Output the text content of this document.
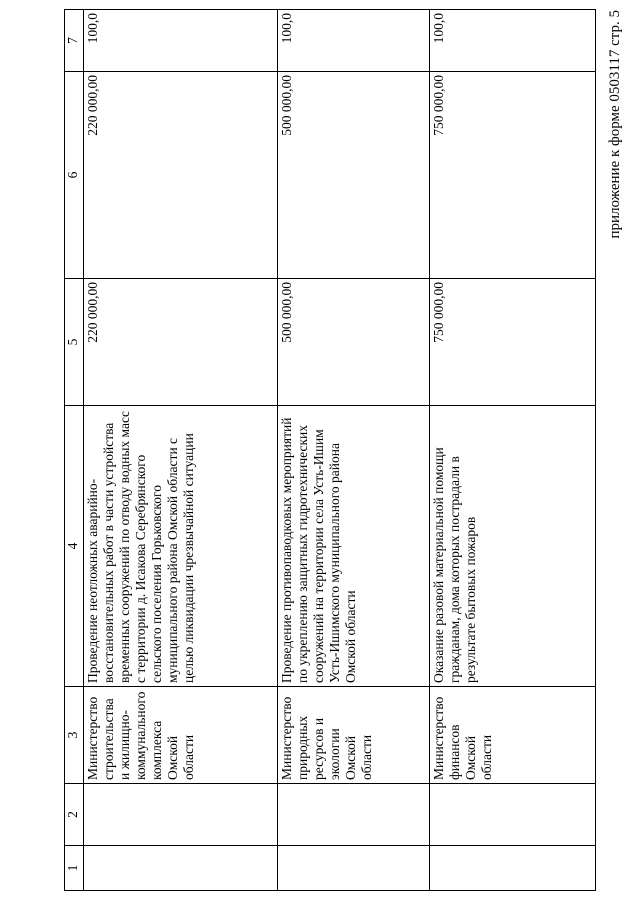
приложение к форме 0503117 стр. 5
1	2	3	4	5	6	7
		Министерство строительства и жилищно-коммунального комплекса Омской области	Проведение неотложных аварийно-восстановительных работ в части устройства временных сооружений по отводу водных масс с территории д. Исакова Серебрянского сельского поселения Горьковского муниципального района Омской области с целью ликвидации чрезвычайной ситуации	220 000,00	220 000,00	100,0
		Министерство природных ресурсов и экологии Омской области	Проведение противопаводковых мероприятий по укреплению защитных гидротехнических сооружений на территории села Усть-Ишим Усть-Ишимского муниципального района Омской области	500 000,00	500 000,00	100,0
		Министерство финансов Омской области	Оказание разовой материальной помощи гражданам, дома которых пострадали в результате бытовых пожаров	750 000,00	750 000,00	100,0
